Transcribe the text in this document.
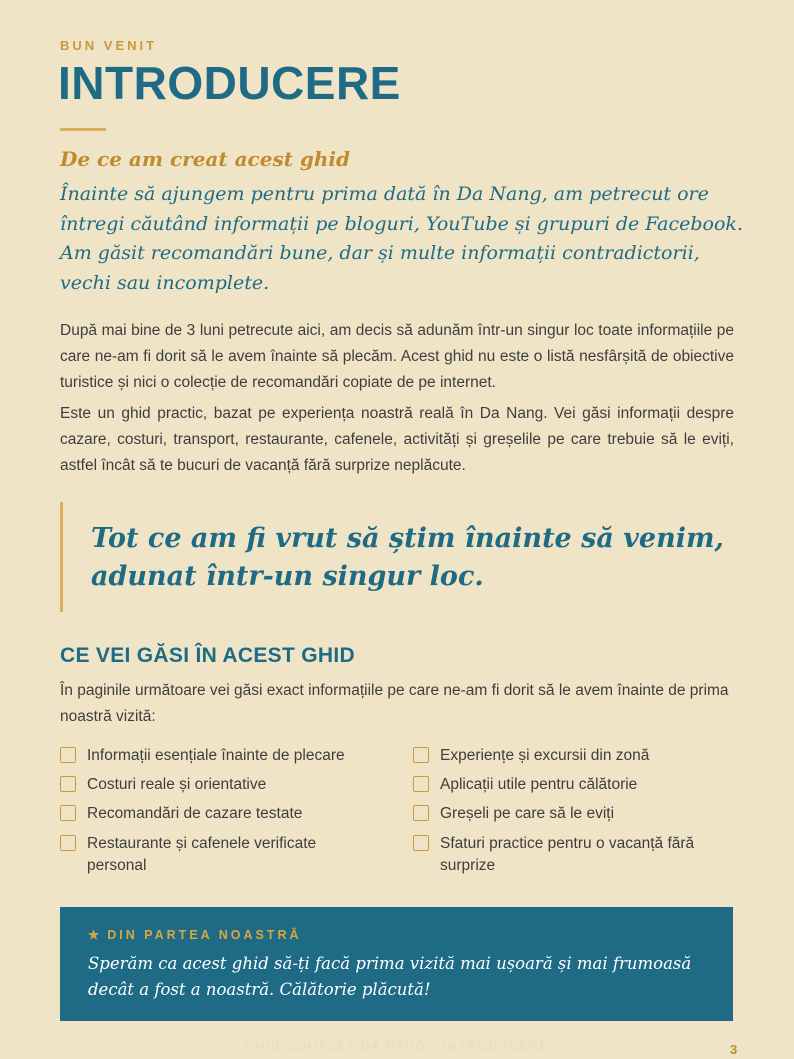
BUN VENIT
INTRODUCERE
De ce am creat acest ghid
Înainte să ajungem pentru prima dată în Da Nang, am petrecut ore întregi căutând informații pe bloguri, YouTube și grupuri de Facebook. Am găsit recomandări bune, dar și multe informații contradictorii, vechi sau incomplete.
După mai bine de 3 luni petrecute aici, am decis să adunăm într-un singur loc toate informațiile pe care ne-am fi dorit să le avem înainte să plecăm. Acest ghid nu este o listă nesfârșită de obiective turistice și nici o colecție de recomandări copiate de pe internet.
Este un ghid practic, bazat pe experiența noastră reală în Da Nang. Vei găsi informații despre cazare, costuri, transport, restaurante, cafenele, activități și greșelile pe care trebuie să le eviți, astfel încât să te bucuri de vacanță fără surprize neplăcute.
Tot ce am fi vrut să știm înainte să venim, adunat într-un singur loc.
CE VEI GĂSI ÎN ACEST GHID
În paginile următoare vei găsi exact informațiile pe care ne-am fi dorit să le avem înainte de prima noastră vizită:
Informații esențiale înainte de plecare
Costuri reale și orientative
Recomandări de cazare testate
Restaurante și cafenele verificate personal
Experiențe și excursii din zonă
Aplicații utile pentru călătorie
Greșeli pe care să le eviți
Sfaturi practice pentru o vacanță fără surprize
★ DIN PARTEA NOASTRĂ
Sperăm ca acest ghid să-ți facă prima vizită mai ușoară și mai frumoasă decât a fost a noastră. Călătorie plăcută!
GHID COMPLET DA NANG · INTRODUCERE	3
